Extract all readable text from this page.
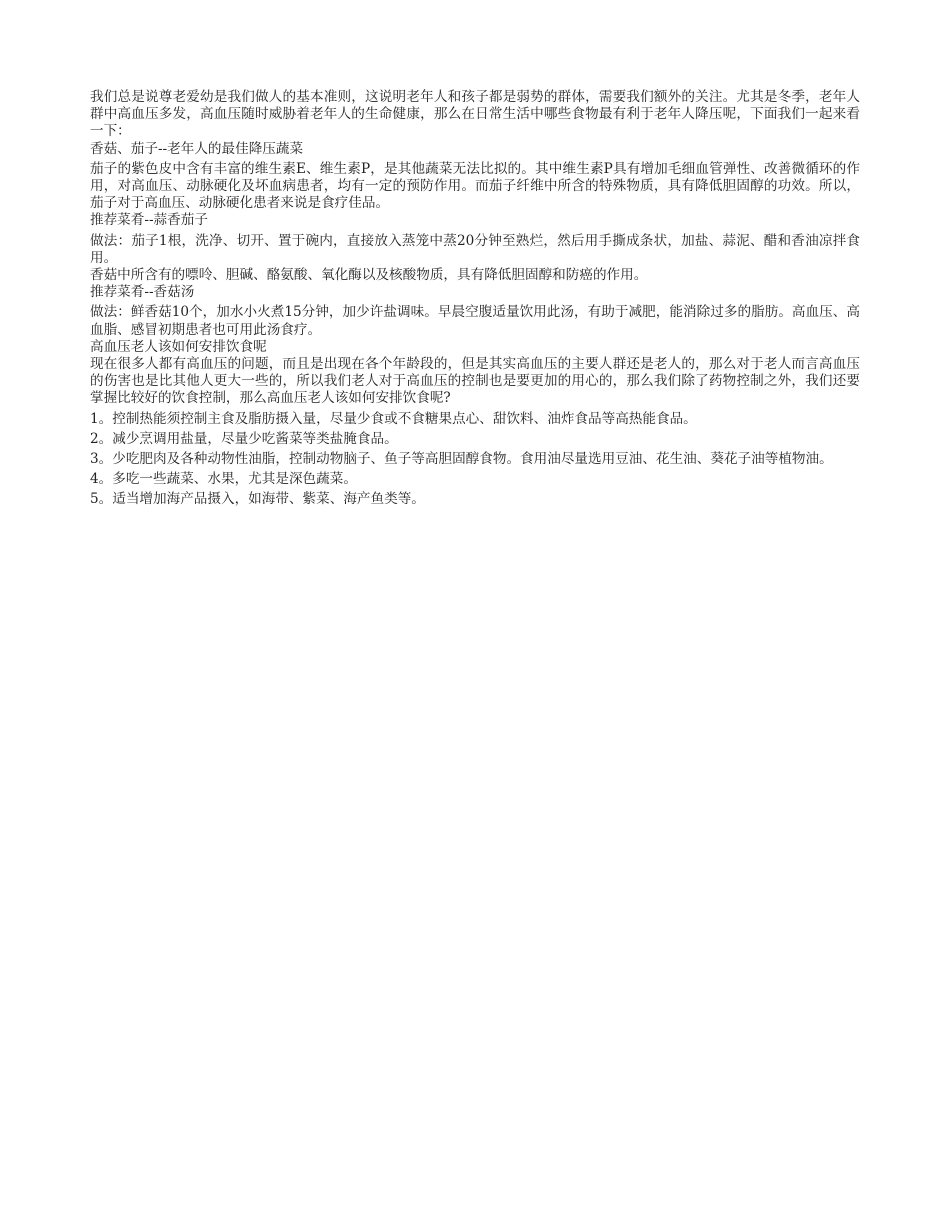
我们总是说尊老爱幼是我们做人的基本准则，这说明老年人和孩子都是弱势的群体，需要我们额外的关注。尤其是冬季，老年人群中高血压多发，高血压随时威胁着老年人的生命健康，那么在日常生活中哪些食物最有利于老年人降压呢，下面我们一起来看一下：

香菇、茄子--老年人的最佳降压蔬菜

茄子的紫色皮中含有丰富的维生素E、维生素P，是其他蔬菜无法比拟的。其中维生素P具有增加毛细血管弹性、改善微循环的作用，对高血压、动脉硬化及坏血病患者，均有一定的预防作用。而茄子纤维中所含的特殊物质，具有降低胆固醇的功效。所以，茄子对于高血压、动脉硬化患者来说是食疗佳品。

推荐菜肴--蒜香茄子

做法：茄子1根，洗净、切开、置于碗内，直接放入蒸笼中蒸20分钟至熟烂，然后用手撕成条状，加盐、蒜泥、醋和香油凉拌食用。

香菇中所含有的嘌呤、胆碱、酪氨酸、氧化酶以及核酸物质，具有降低胆固醇和防癌的作用。

推荐菜肴--香菇汤

做法：鲜香菇10个，加水小火煮15分钟，加少许盐调味。早晨空腹适量饮用此汤，有助于减肥，能消除过多的脂肪。高血压、高血脂、感冒初期患者也可用此汤食疗。

高血压老人该如何安排饮食呢

现在很多人都有高血压的问题，而且是出现在各个年龄段的，但是其实高血压的主要人群还是老人的，那么对于老人而言高血压的伤害也是比其他人更大一些的，所以我们老人对于高血压的控制也是要更加的用心的，那么我们除了药物控制之外，我们还要掌握比较好的饮食控制，那么高血压老人该如何安排饮食呢?

1。控制热能须控制主食及脂肪摄入量，尽量少食或不食糖果点心、甜饮料、油炸食品等高热能食品。

2。减少烹调用盐量，尽量少吃酱菜等类盐腌食品。

3。少吃肥肉及各种动物性油脂，控制动物脑子、鱼子等高胆固醇食物。食用油尽量选用豆油、花生油、葵花子油等植物油。

4。多吃一些蔬菜、水果，尤其是深色蔬菜。

5。适当增加海产品摄入，如海带、紫菜、海产鱼类等。
